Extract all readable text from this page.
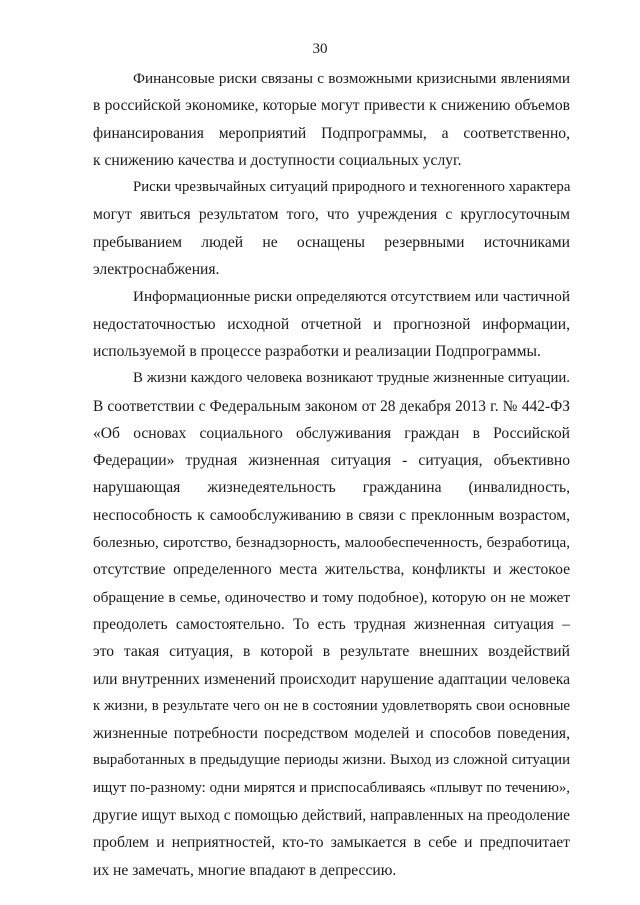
30
Финансовые риски связаны с возможными кризисными явлениями
в российской экономике, которые могут привести к снижению объемов
финансирования мероприятий Подпрограммы, а соответственно,
к снижению качества и доступности социальных услуг.
Риски чрезвычайных ситуаций природного и техногенного характера
могут явиться результатом того, что учреждения с круглосуточным
пребыванием людей не оснащены резервными источниками
электроснабжения.
Информационные риски определяются отсутствием или частичной
недостаточностью исходной отчетной и прогнозной информации,
используемой в процессе разработки и реализации Подпрограммы.
В жизни каждого человека возникают трудные жизненные ситуации.
В соответствии с Федеральным законом от 28 декабря 2013 г. № 442-ФЗ
«Об основах социального обслуживания граждан в Российской
Федерации» трудная жизненная ситуация - ситуация, объективно
нарушающая жизнедеятельность гражданина (инвалидность,
неспособность к самообслуживанию в связи с преклонным возрастом,
болезнью, сиротство, безнадзорность, малообеспеченность, безработица,
отсутствие определенного места жительства, конфликты и жестокое
обращение в семье, одиночество и тому подобное), которую он не может
преодолеть самостоятельно. То есть трудная жизненная ситуация –
это такая ситуация, в которой в результате внешних воздействий
или внутренних изменений происходит нарушение адаптации человека
к жизни, в результате чего он не в состоянии удовлетворять свои основные
жизненные потребности посредством моделей и способов поведения,
выработанных в предыдущие периоды жизни. Выход из сложной ситуации
ищут по-разному: одни мирятся и приспосабливаясь «плывут по течению»,
другие ищут выход с помощью действий, направленных на преодоление
проблем и неприятностей, кто-то замыкается в себе и предпочитает
их не замечать, многие впадают в депрессию.
